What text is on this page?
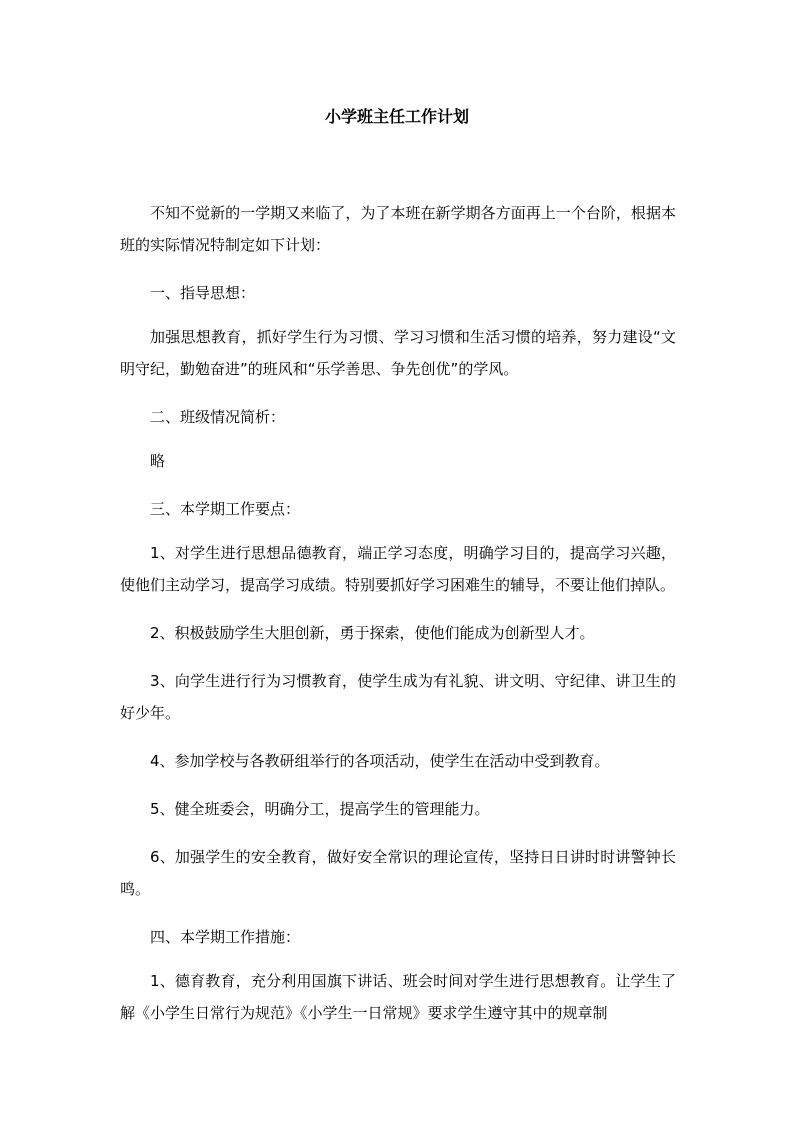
小学班主任工作计划

不知不觉新的一学期又来临了，为了本班在新学期各方面再上一个台阶，根据本班的实际情况特制定如下计划：

一、指导思想：

加强思想教育，抓好学生行为习惯、学习习惯和生活习惯的培养，努力建设“文明守纪，勤勉奋进”的班风和“乐学善思、争先创优”的学风。

二、班级情况简析：

略

三、本学期工作要点：

1、对学生进行思想品德教育，端正学习态度，明确学习目的，提高学习兴趣，使他们主动学习，提高学习成绩。特别要抓好学习困难生的辅导，不要让他们掉队。

2、积极鼓励学生大胆创新，勇于探索，使他们能成为创新型人才。

3、向学生进行行为习惯教育，使学生成为有礼貌、讲文明、守纪律、讲卫生的好少年。

4、参加学校与各教研组举行的各项活动，使学生在活动中受到教育。

5、健全班委会，明确分工，提高学生的管理能力。

6、加强学生的安全教育，做好安全常识的理论宣传，坚持日日讲时时讲警钟长鸣。

四、本学期工作措施：

1、德育教育，充分利用国旗下讲话、班会时间对学生进行思想教育。让学生了解《小学生日常行为规范》《小学生一日常规》要求学生遵守其中的规章制
